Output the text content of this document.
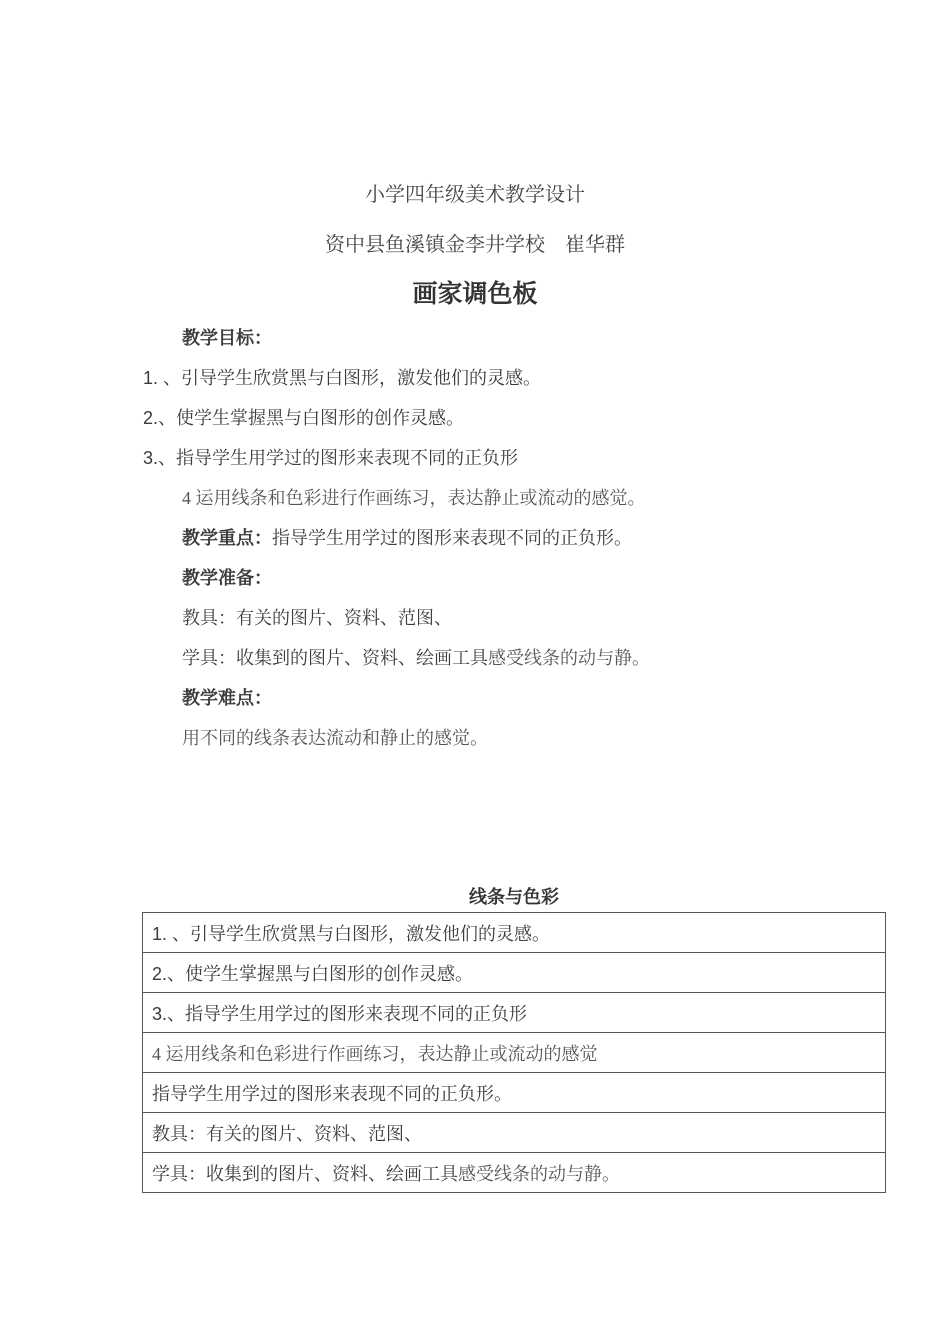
小学四年级美术教学设计
资中县鱼溪镇金李井学校    崔华群
画家调色板
教学目标：
1. 、引导学生欣赏黑与白图形，激发他们的灵感。
2.、使学生掌握黑与白图形的创作灵感。
3.、指导学生用学过的图形来表现不同的正负形
4 运用线条和色彩进行作画练习，表达静止或流动的感觉。
教学重点：指导学生用学过的图形来表现不同的正负形。
教学准备：
教具：有关的图片、资料、范图、
学具：收集到的图片、资料、绘画工具感受线条的动与静。
教学难点：
用不同的线条表达流动和静止的感觉。
线条与色彩
1. 、引导学生欣赏黑与白图形，激发他们的灵感。
2.、使学生掌握黑与白图形的创作灵感。
3.、指导学生用学过的图形来表现不同的正负形
4 运用线条和色彩进行作画练习，表达静止或流动的感觉
指导学生用学过的图形来表现不同的正负形。
教具：有关的图片、资料、范图、
学具：收集到的图片、资料、绘画工具感受线条的动与静。
